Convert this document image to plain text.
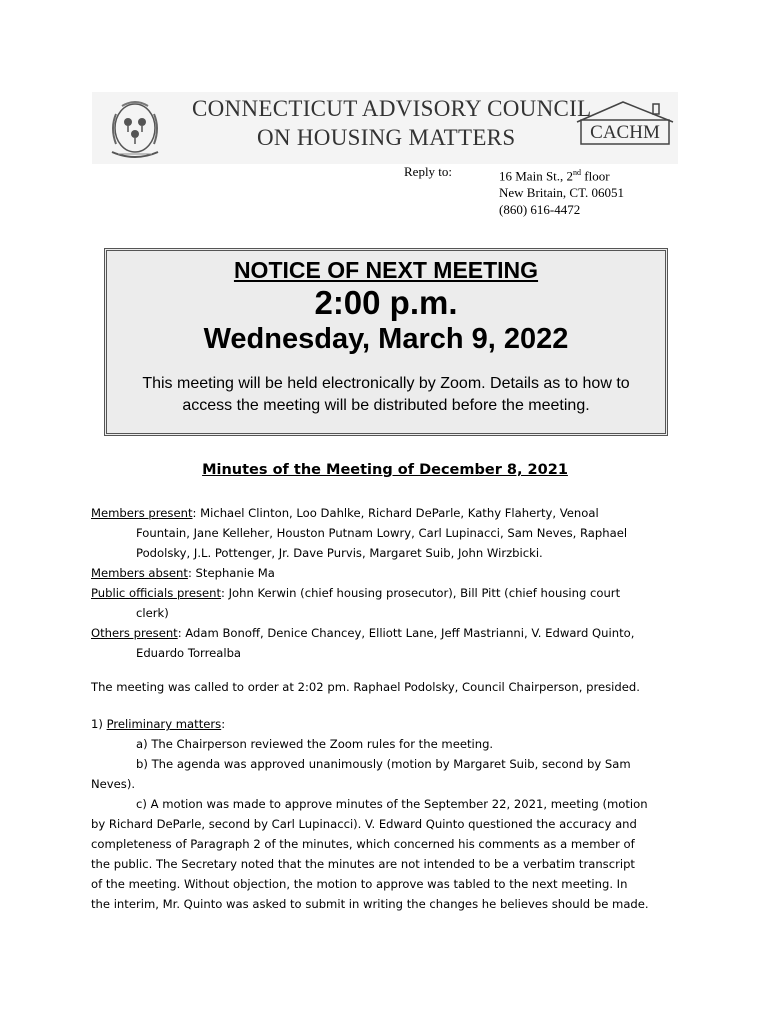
CONNECTICUT ADVISORY COUNCIL
ON HOUSING MATTERS	CACHM
Reply to:	16 Main St., 2nd floor
New Britain, CT. 06051
(860) 616-4472
NOTICE OF NEXT MEETING
2:00 p.m.
Wednesday, March 9, 2022
This meeting will be held electronically by Zoom. Details as to how to
access the meeting will be distributed before the meeting.
Minutes of the Meeting of December 8, 2021
Members present: Michael Clinton, Loo Dahlke, Richard DeParle, Kathy Flaherty, Venoal
Fountain, Jane Kelleher, Houston Putnam Lowry, Carl Lupinacci, Sam Neves, Raphael
Podolsky, J.L. Pottenger, Jr. Dave Purvis, Margaret Suib, John Wirzbicki.
Members absent: Stephanie Ma
Public officials present: John Kerwin (chief housing prosecutor), Bill Pitt (chief housing court
clerk)
Others present: Adam Bonoff, Denice Chancey, Elliott Lane, Jeff Mastrianni, V. Edward Quinto,
Eduardo Torrealba
The meeting was called to order at 2:02 pm. Raphael Podolsky, Council Chairperson, presided.
1) Preliminary matters:
a) The Chairperson reviewed the Zoom rules for the meeting.
b) The agenda was approved unanimously (motion by Margaret Suib, second by Sam
Neves).
c) A motion was made to approve minutes of the September 22, 2021, meeting (motion
by Richard DeParle, second by Carl Lupinacci). V. Edward Quinto questioned the accuracy and
completeness of Paragraph 2 of the minutes, which concerned his comments as a member of
the public. The Secretary noted that the minutes are not intended to be a verbatim transcript
of the meeting. Without objection, the motion to approve was tabled to the next meeting. In
the interim, Mr. Quinto was asked to submit in writing the changes he believes should be made.
